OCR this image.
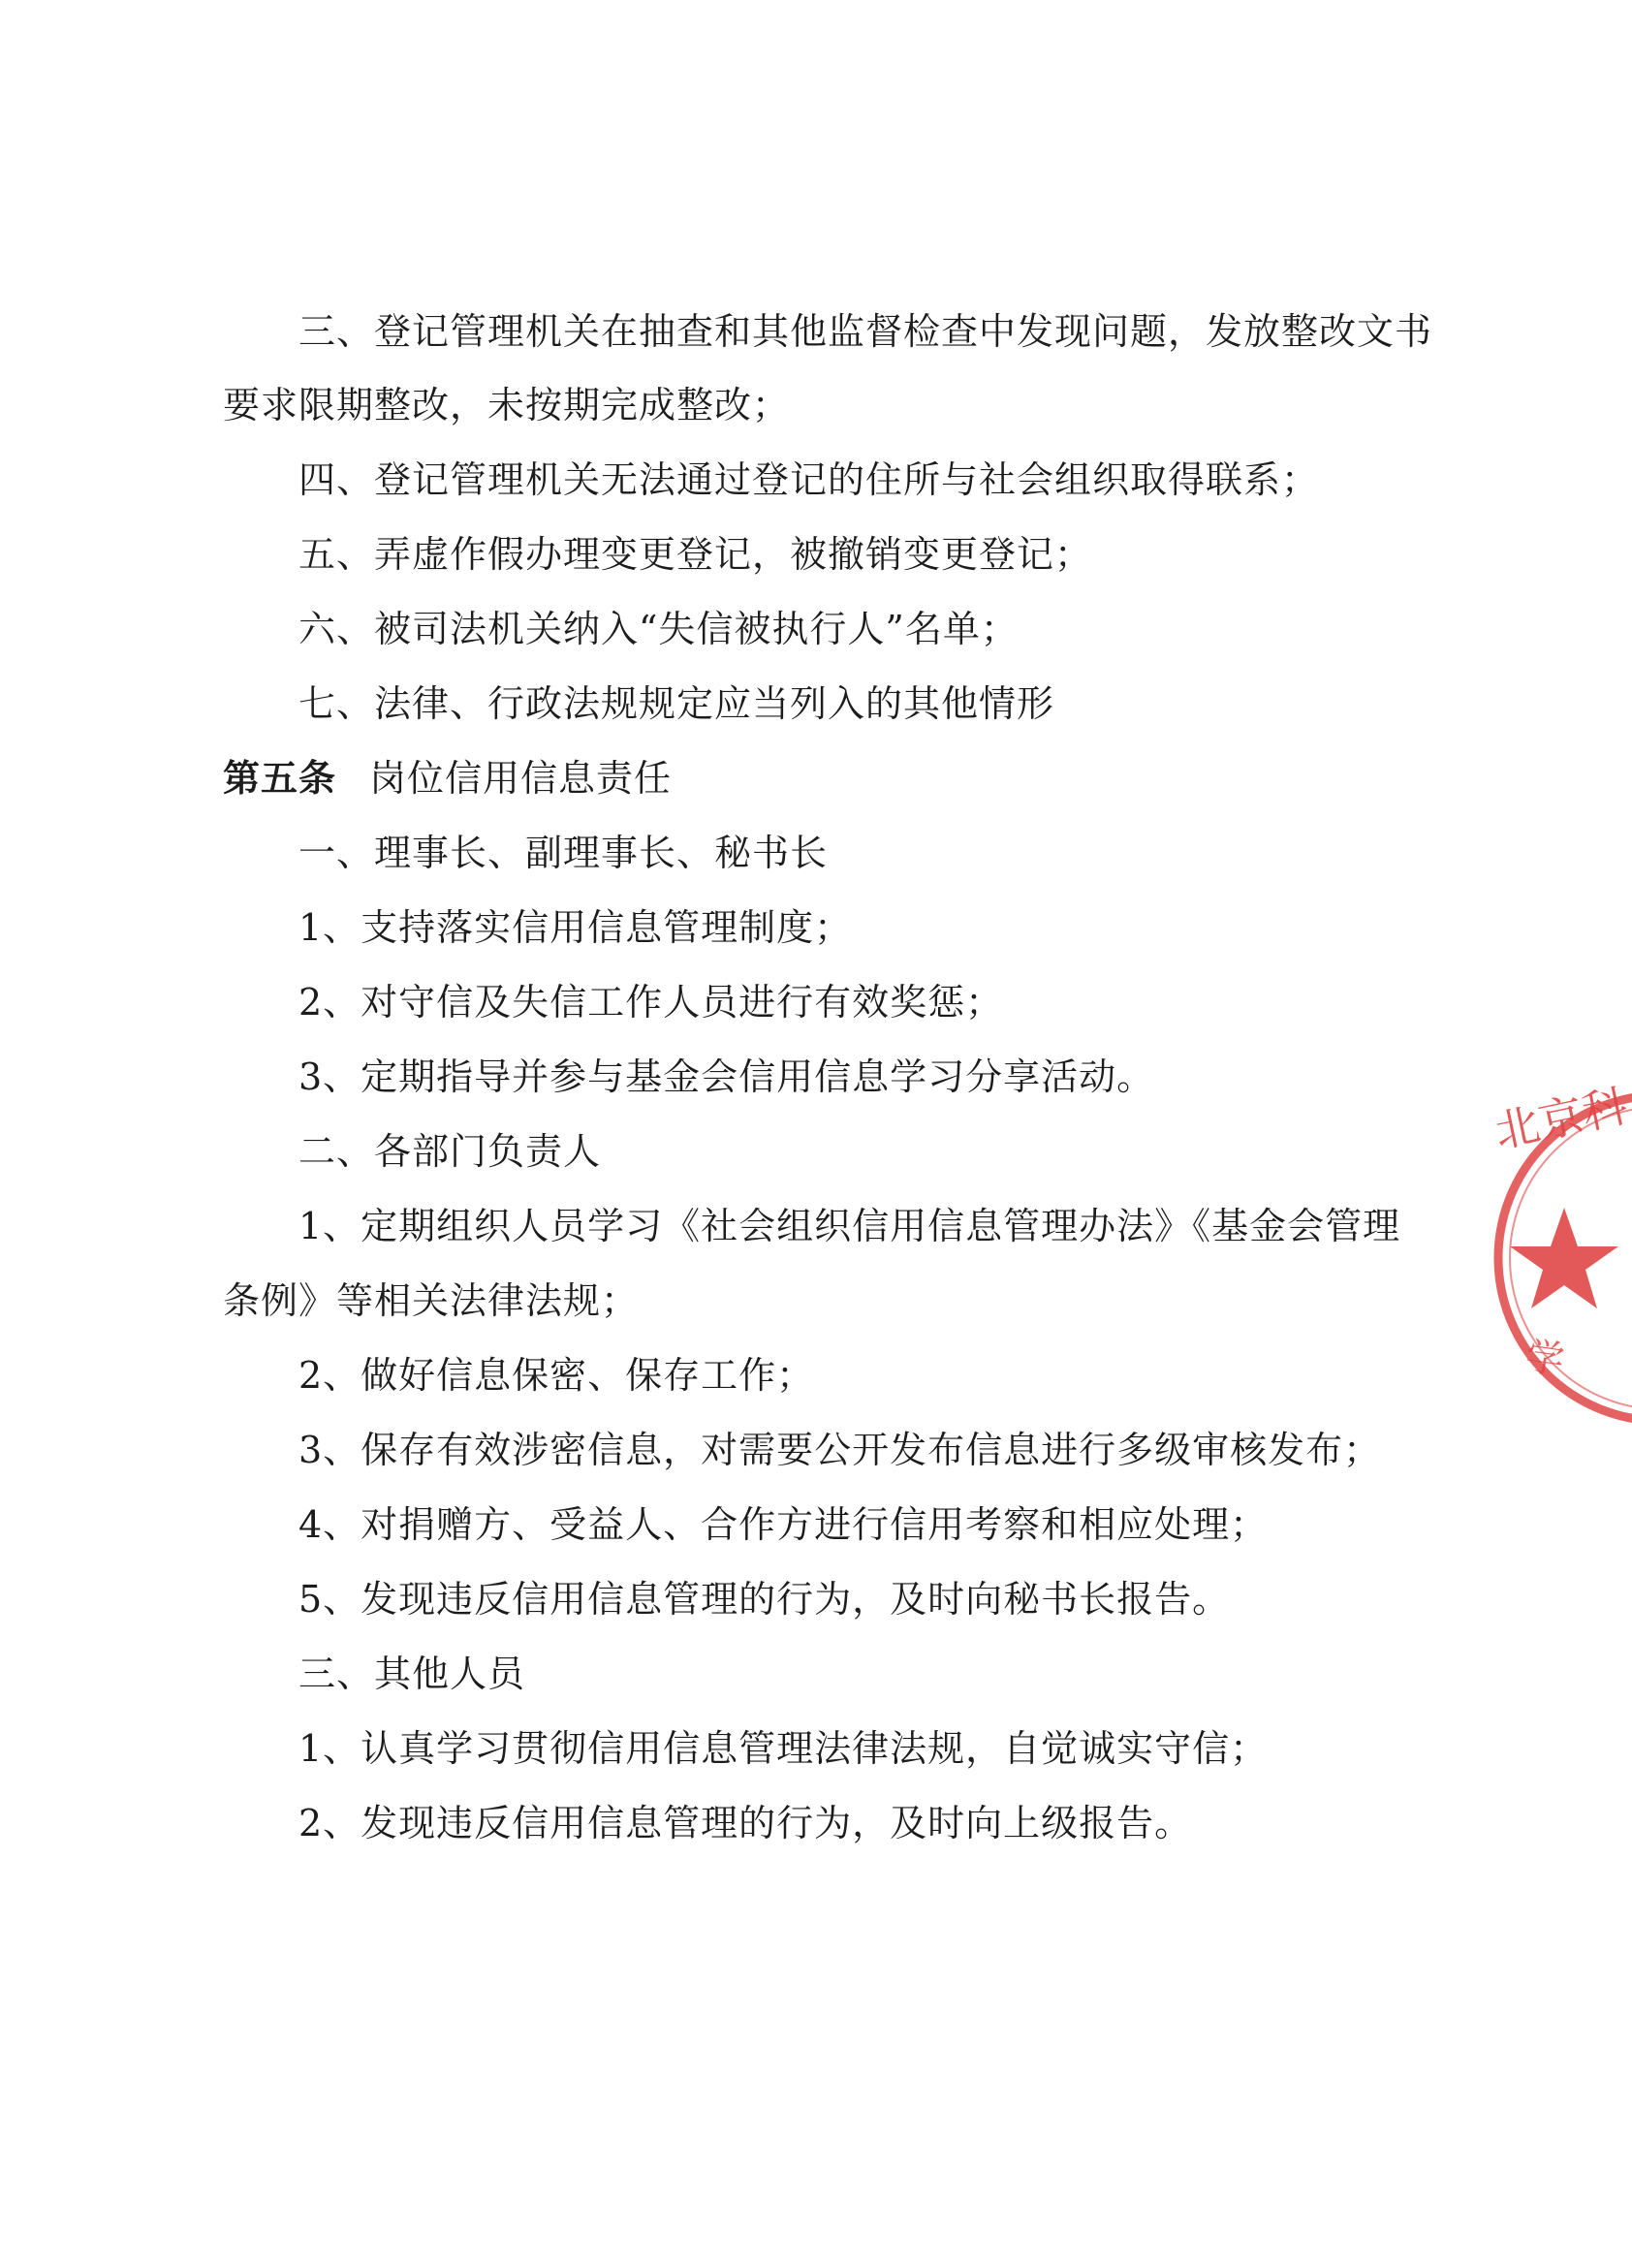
三、登记管理机关在抽查和其他监督检查中发现问题，发放整改文书

要求限期整改，未按期完成整改；

四、登记管理机关无法通过登记的住所与社会组织取得联系；

五、弄虚作假办理变更登记，被撤销变更登记；

六、被司法机关纳入“失信被执行人”名单；

七、法律、行政法规规定应当列入的其他情形

第五条 岗位信用信息责任

一、理事长、副理事长、秘书长

1、支持落实信用信息管理制度；

2、对守信及失信工作人员进行有效奖惩；

3、定期指导并参与基金会信用信息学习分享活动。

二、各部门负责人

1、定期组织人员学习《社会组织信用信息管理办法》《基金会管理

条例》等相关法律法规；

2、做好信息保密、保存工作；

3、保存有效涉密信息，对需要公开发布信息进行多级审核发布；

4、对捐赠方、受益人、合作方进行信用考察和相应处理；

5、发现违反信用信息管理的行为，及时向秘书长报告。

三、其他人员

1、认真学习贯彻信用信息管理法律法规，自觉诚实守信；

2、发现违反信用信息管理的行为，及时向上级报告。

北京科
学
